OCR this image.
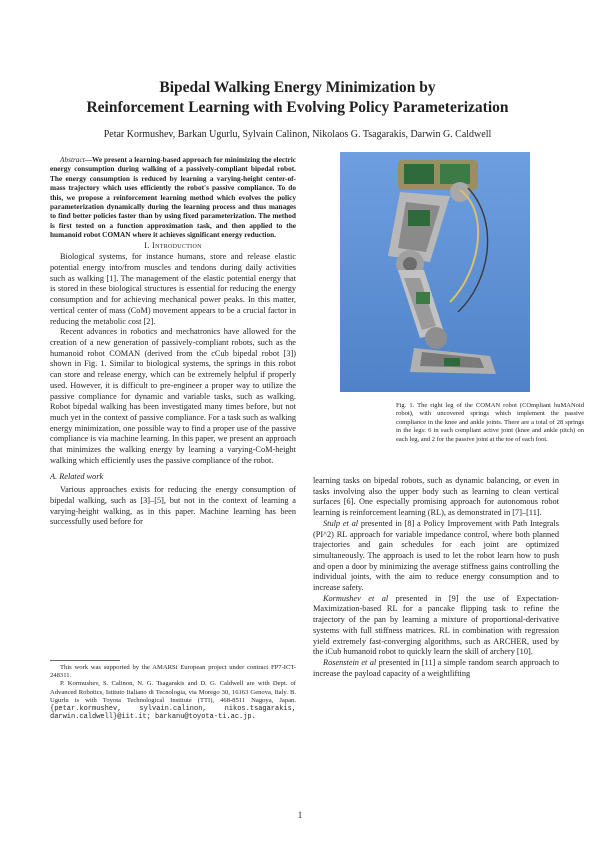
Bipedal Walking Energy Minimization by
Reinforcement Learning with Evolving Policy Parameterization
Petar Kormushev, Barkan Ugurlu, Sylvain Calinon, Nikolaos G. Tsagarakis, Darwin G. Caldwell

Abstract—We present a learning-based approach for minimizing the electric energy consumption during walking of a passively-compliant bipedal robot. The energy consumption is reduced by learning a varying-height center-of-mass trajectory which uses efficiently the robot's passive compliance. To do this, we propose a reinforcement learning method which evolves the policy parameterization dynamically during the learning process and thus manages to find better policies faster than by using fixed parameterization. The method is first tested on a function approximation task, and then applied to the humanoid robot COMAN where it achieves significant energy reduction.

I. Introduction

Biological systems, for instance humans, store and release elastic potential energy into/from muscles and tendons during daily activities such as walking [1]. The management of the elastic potential energy that is stored in these biological structures is essential for reducing the energy consumption and for achieving mechanical power peaks. In this matter, vertical center of mass (CoM) movement appears to be a crucial factor in reducing the metabolic cost [2].

Recent advances in robotics and mechatronics have allowed for the creation of a new generation of passively-compliant robots, such as the humanoid robot COMAN (derived from the cCub bipedal robot [3]) shown in Fig. 1. Similar to biological systems, the springs in this robot can store and release energy, which can be extremely helpful if properly used. However, it is difficult to pre-engineer a proper way to utilize the passive compliance for dynamic and variable tasks, such as walking. Robot bipedal walking has been investigated many times before, but not much yet in the context of passive compliance. For a task such as walking energy minimization, one possible way to find a proper use of the passive compliance is via machine learning. In this paper, we present an approach that minimizes the walking energy by learning a varying-CoM-height walking which efficiently uses the passive compliance of the robot.

A. Related work

Various approaches exists for reducing the energy consumption of bipedal walking, such as [3]–[5], but not in the context of learning a varying-height walking, as in this paper. Machine learning has been successfully used before for

This work was supported by the AMARSi European project under contract FP7-ICT-248311.

P. Kormushev, S. Calinon, N. G. Tsagarakis and D. G. Caldwell are with Dept. of Advanced Robotics, Istituto Italiano di Tecnologia, via Morego 30, 16163 Genova, Italy. B. Ugurlu is with Toyota Technological Institute (TTI), 468-8511 Nagoya, Japan. {petar.kormushev, sylvain.calinon, nikos.tsagarakis, darwin.caldwell}@iit.it; barkanu@toyota-ti.ac.jp.

Fig. 1. The right leg of the COMAN robot (COmpliant huMANoid robot), with uncovered springs which implement the passive compliance in the knee and ankle joints. There are a total of 28 springs in the legs: 6 in each compliant active joint (knee and ankle pitch) on each leg, and 2 for the passive joint at the toe of each foot.

learning tasks on bipedal robots, such as dynamic balancing, or even in tasks involving also the upper body such as learning to clean vertical surfaces [6]. One especially promising approach for autonomous robot learning is reinforcement learning (RL), as demonstrated in [7]–[11].

Stulp et al presented in [8] a Policy Improvement with Path Integrals (PI^2) RL approach for variable impedance control, where both planned trajectories and gain schedules for each joint are optimized simultaneously. The approach is used to let the robot learn how to push and open a door by minimizing the average stiffness gains controlling the individual joints, with the aim to reduce energy consumption and to increase safety.

Kormushev et al presented in [9] the use of Expectation-Maximization-based RL for a pancake flipping task to refine the trajectory of the pan by learning a mixture of proportional-derivative systems with full stiffness matrices. RL in combination with regression yield extremely fast-converging algorithms, such as ARCHER, used by the iCub humanoid robot to quickly learn the skill of archery [10].

Rosenstein et al presented in [11] a simple random search approach to increase the payload capacity of a weightlifting

1
